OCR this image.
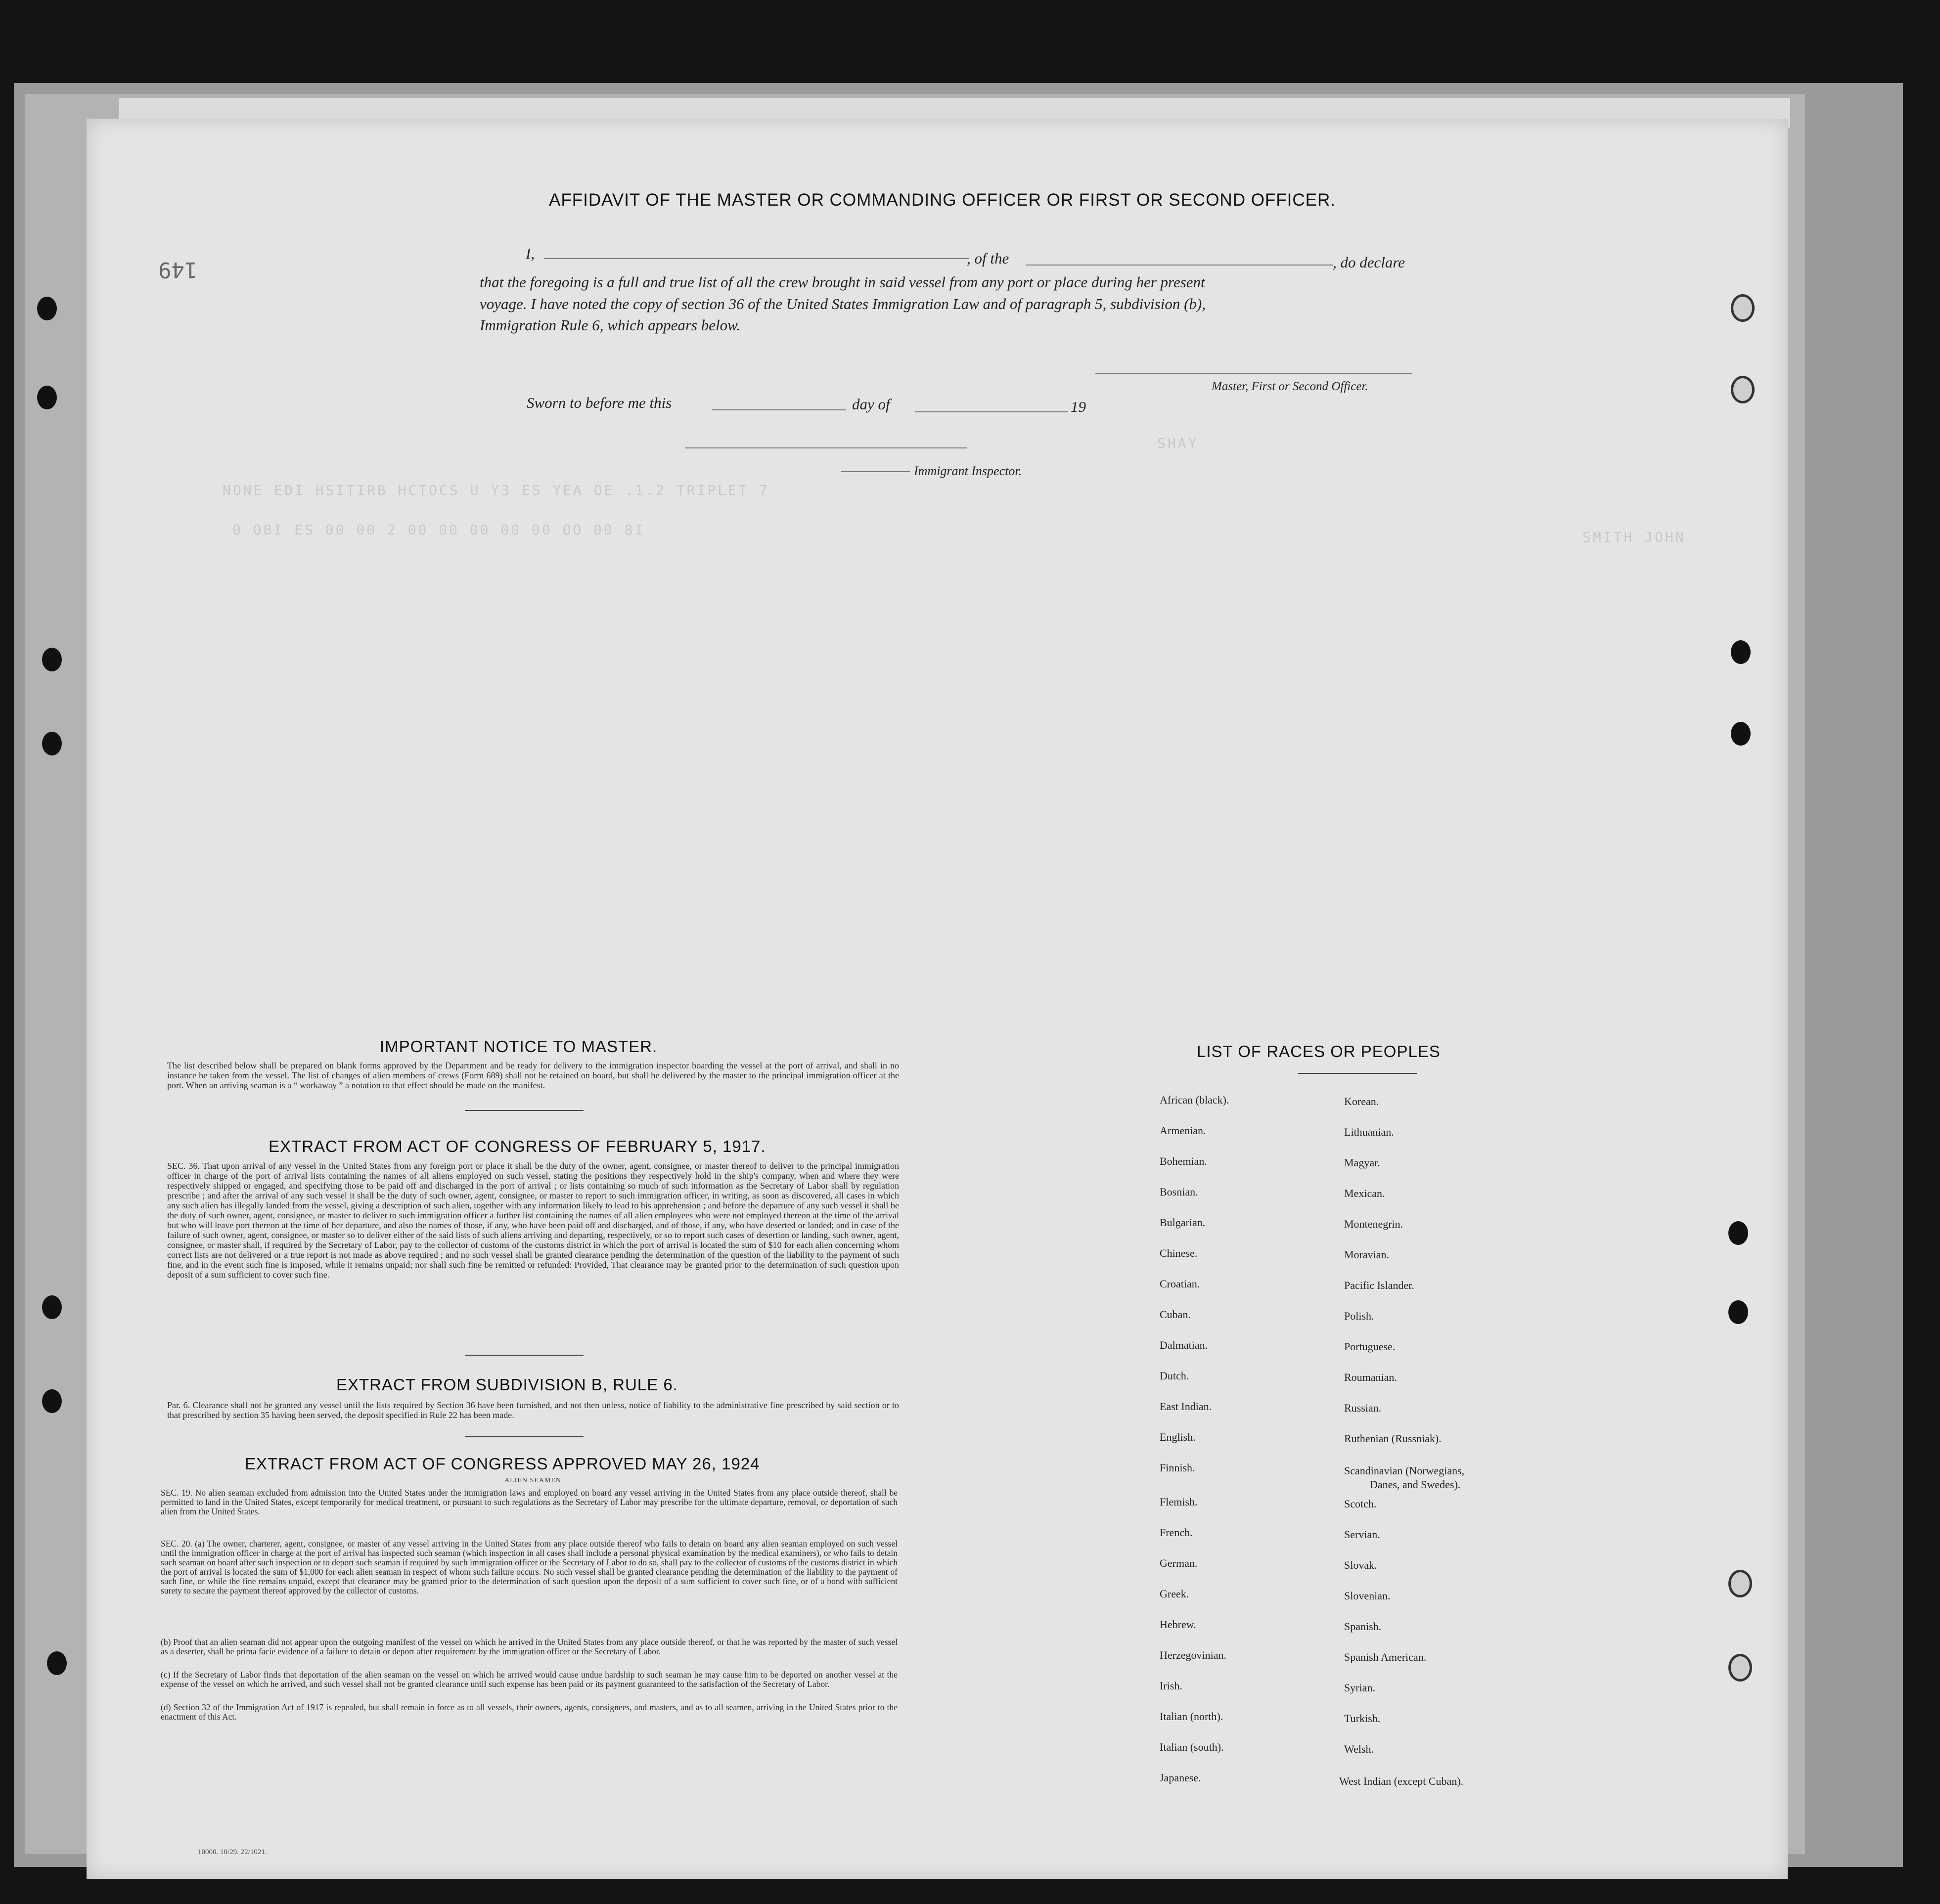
149
AFFIDAVIT OF THE MASTER OR COMMANDING OFFICER OR FIRST OR SECOND OFFICER.
I,	, of the	, do declare
that the foregoing is a full and true list of all the crew brought in said vessel from any port or place during her present
voyage. I have noted the copy of section 36 of the United States Immigration Law and of paragraph 5, subdivision (b),
Immigration Rule 6, which appears below.
Master, First or Second Officer.
Sworn to before me this	day of	19
Immigrant Inspector.
SHAY
NONE EDI HSITIRB HCTOCS U Y3 ES YEA OE .1.2 TRIPLET 7
0 OBI ES 00 00 2 00 00 00 00 00 OO 00 8I	SMITH JOHN
IMPORTANT NOTICE TO MASTER.
The list described below shall be prepared on blank forms approved by the Department and be ready for delivery to the immigration inspector boarding the vessel at the port of arrival, and shall in no instance be taken from the vessel. The list of changes of alien members of crews (Form 689) shall not be retained on board, but shall be delivered by the master to the principal immigration officer at the port. When an arriving seaman is a “ workaway ” a notation to that effect should be made on the manifest.
EXTRACT FROM ACT OF CONGRESS OF FEBRUARY 5, 1917.
SEC. 36. That upon arrival of any vessel in the United States from any foreign port or place it shall be the duty of the owner, agent, consignee, or master thereof to deliver to the principal immigration officer in charge of the port of arrival lists containing the names of all aliens employed on such vessel, stating the positions they respectively hold in the ship's company, when and where they were respectively shipped or engaged, and specifying those to be paid off and discharged in the port of arrival ; or lists containing so much of such information as the Secretary of Labor shall by regulation prescribe ; and after the arrival of any such vessel it shall be the duty of such owner, agent, consignee, or master to report to such immigration officer, in writing, as soon as discovered, all cases in which any such alien has illegally landed from the vessel, giving a description of such alien, together with any information likely to lead to his apprehension ; and before the departure of any such vessel it shall be the duty of such owner, agent, consignee, or master to deliver to such immigration officer a further list containing the names of all alien employees who were not employed thereon at the time of the arrival but who will leave port thereon at the time of her departure, and also the names of those, if any, who have been paid off and discharged, and of those, if any, who have deserted or landed; and in case of the failure of such owner, agent, consignee, or master so to deliver either of the said lists of such aliens arriving and departing, respectively, or so to report such cases of desertion or landing, such owner, agent, consignee, or master shall, if required by the Secretary of Labor, pay to the collector of customs of the customs district in which the port of arrival is located the sum of $10 for each alien concerning whom correct lists are not delivered or a true report is not made as above required ; and no such vessel shall be granted clearance pending the determination of the question of the liability to the payment of such fine, and in the event such fine is imposed, while it remains unpaid; nor shall such fine be remitted or refunded: Provided, That clearance may be granted prior to the determination of such question upon deposit of a sum sufficient to cover such fine.
EXTRACT FROM SUBDIVISION B, RULE 6.
Par. 6. Clearance shall not be granted any vessel until the lists required by Section 36 have been furnished, and not then unless, notice of liability to the administrative fine prescribed by said section or to that prescribed by section 35 having been served, the deposit specified in Rule 22 has been made.
EXTRACT FROM ACT OF CONGRESS APPROVED MAY 26, 1924
ALIEN SEAMEN
SEC. 19. No alien seaman excluded from admission into the United States under the immigration laws and employed on board any vessel arriving in the United States from any place outside thereof, shall be permitted to land in the United States, except temporarily for medical treatment, or pursuant to such regulations as the Secretary of Labor may prescribe for the ultimate departure, removal, or deportation of such alien from the United States.
SEC. 20. (a) The owner, charterer, agent, consignee, or master of any vessel arriving in the United States from any place outside thereof who fails to detain on board any alien seaman employed on such vessel until the immigration officer in charge at the port of arrival has inspected such seaman (which inspection in all cases shall include a personal physical examination by the medical examiners), or who fails to detain such seaman on board after such inspection or to deport such seaman if required by such immigration officer or the Secretary of Labor to do so, shall pay to the collector of customs of the customs district in which the port of arrival is located the sum of $1,000 for each alien seaman in respect of whom such failure occurs. No such vessel shall be granted clearance pending the determination of the liability to the payment of such fine, or while the fine remains unpaid, except that clearance may be granted prior to the determination of such question upon the deposit of a sum sufficient to cover such fine, or of a bond with sufficient surety to secure the payment thereof approved by the collector of customs.
(b) Proof that an alien seaman did not appear upon the outgoing manifest of the vessel on which he arrived in the United States from any place outside thereof, or that he was reported by the master of such vessel as a deserter, shall be prima facie evidence of a failure to detain or deport after requirement by the immigration officer or the Secretary of Labor.
(c) If the Secretary of Labor finds that deportation of the alien seaman on the vessel on which he arrived would cause undue hardship to such seaman he may cause him to be deported on another vessel at the expense of the vessel on which he arrived, and such vessel shall not be granted clearance until such expense has been paid or its payment guaranteed to the satisfaction of the Secretary of Labor.
(d) Section 32 of the Immigration Act of 1917 is repealed, but shall remain in force as to all vessels, their owners, agents, consignees, and masters, and as to all seamen, arriving in the United States prior to the enactment of this Act.
LIST OF RACES OR PEOPLES
African (black).
Armenian.
Bohemian.
Bosnian.
Bulgarian.
Chinese.
Croatian.
Cuban.
Dalmatian.
Dutch.
East Indian.
English.
Finnish.
Flemish.
French.
German.
Greek.
Hebrew.
Herzegovinian.
Irish.
Italian (north).
Italian (south).
Japanese.
Korean.
Lithuanian.
Magyar.
Mexican.
Montenegrin.
Moravian.
Pacific Islander.
Polish.
Portuguese.
Roumanian.
Russian.
Ruthenian (Russniak).
Scandinavian (Norwegians,
Danes, and Swedes).
Scotch.
Servian.
Slovak.
Slovenian.
Spanish.
Spanish American.
Syrian.
Turkish.
Welsh.
West Indian (except Cuban).
10000. 10/29. 22/1021.
